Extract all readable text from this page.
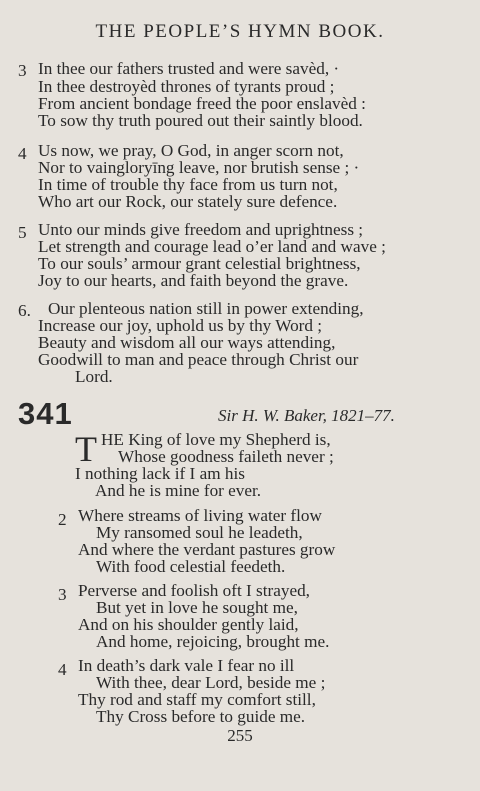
THE PEOPLE’S HYMN BOOK.
3 In thee our fathers trusted and were savèd, ·
In thee destroyèd thrones of tyrants proud ;
From ancient bondage freed the poor enslavèd :
To sow thy truth poured out their saintly blood.
4 Us now, we pray, O God, in anger scorn not,
Nor to vaingloryīng leave, nor brutish sense ; ·
In time of trouble thy face from us turn not,
Who art our Rock, our stately sure defence.
5 Unto our minds give freedom and uprightness ;
Let strength and courage lead o’er land and wave ;
To our souls’ armour grant celestial brightness,
Joy to our hearts, and faith beyond the grave.
6. Our plenteous nation still in power extending,
Increase our joy, uphold us by thy Word ;
Beauty and wisdom all our ways attending,
Goodwill to man and peace through Christ our
Lord.
341	Sir H. W. Baker, 1821–77.
T HE King of love my Shepherd is,
Whose goodness faileth never ;
I nothing lack if I am his
And he is mine for ever.
2 Where streams of living water flow
My ransomed soul he leadeth,
And where the verdant pastures grow
With food celestial feedeth.
3 Perverse and foolish oft I strayed,
But yet in love he sought me,
And on his shoulder gently laid,
And home, rejoicing, brought me.
4 In death’s dark vale I fear no ill
With thee, dear Lord, beside me ;
Thy rod and staff my comfort still,
Thy Cross before to guide me.
255
